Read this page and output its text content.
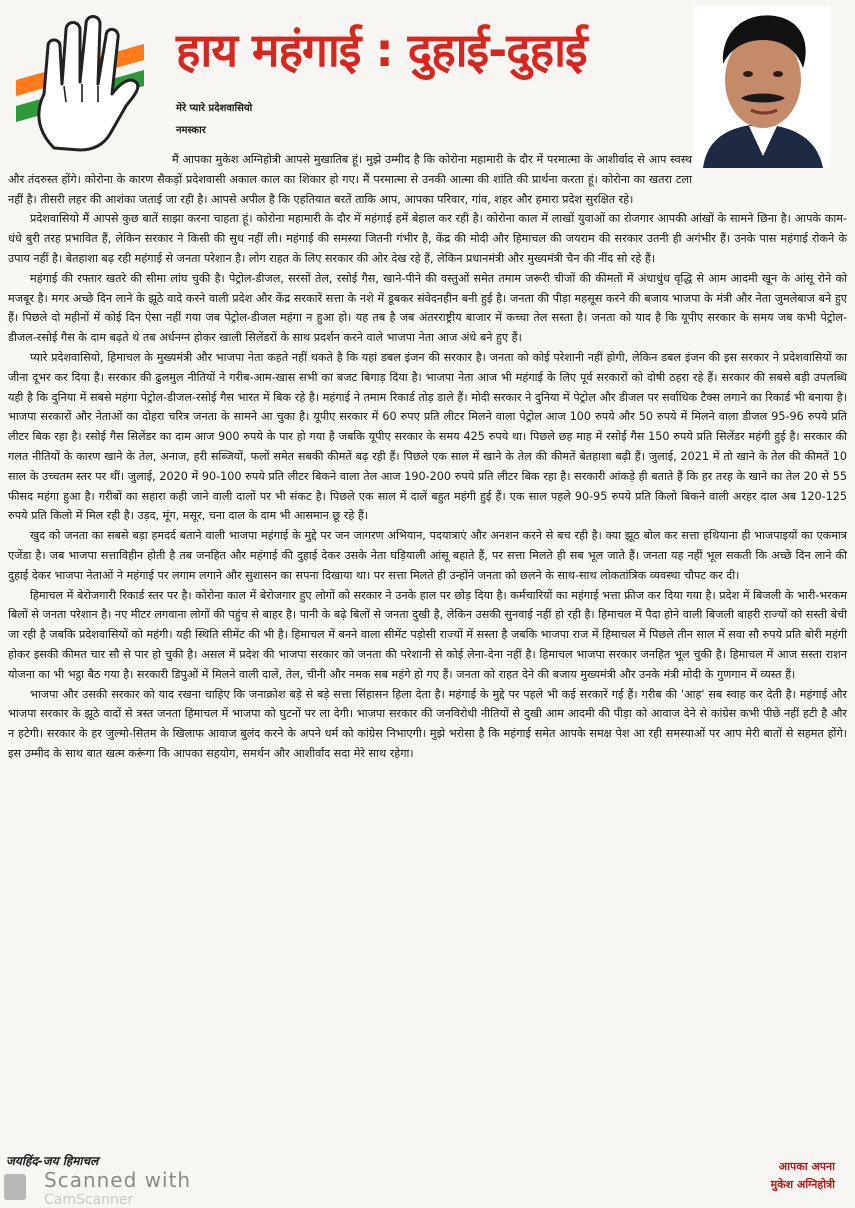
हाय महंगाई : दुहाई-दुहाई
मेरे प्यारे प्रदेशवासियो
नमस्कार

मैं आपका मुकेश अग्निहोत्री आपसे मुखातिब हूं। मुझे उम्मीद है कि कोरोना महामारी के दौर में परमात्मा के आशीर्वाद से आप स्वस्थ और तंदरुस्त होंगे। कोरोना के कारण सैकड़ों प्रदेशवासी अकाल काल का शिकार हो गए। मैं परमात्मा से उनकी आत्मा की शांति की प्रार्थना करता हूं। कोरोना का खतरा टला नहीं है। तीसरी लहर की आशंका जताई जा रही है। आपसे अपील है कि एहतियात बरतें ताकि आप, आपका परिवार, गांव, शहर और हमारा प्रदेश सुरक्षित रहे।

प्रदेशवासियो मैं आपसे कुछ बातें साझा करना चाहता हूं। कोरोना महामारी के दौर में महंगाई हमें बेहाल कर रही है। कोरोना काल में लाखों युवाओं का रोजगार आपकी आंखों के सामने छिना है। आपके काम-धंधे बुरी तरह प्रभावित हैं, लेकिन सरकार ने किसी की सुध नहीं ली। महंगाई की समस्या जितनी गंभीर है, केंद्र की मोदी और हिमाचल की जयराम की सरकार उतनी ही अगंभीर हैं। उनके पास महंगाई रोकने के उपाय नहीं है। बेतहाशा बढ़ रही महंगाई से जनता परेशान है। लोग राहत के लिए सरकार की ओर देख रहे हैं, लेकिन प्रधानमंत्री और मुख्यमंत्री चैन की नींद सो रहे हैं।

महंगाई की रफ्तार खतरे की सीमा लांघ चुकी है। पेट्रोल-डीजल, सरसों तेल, रसोई गैस, खाने-पीने की वस्तुओं समेत तमाम जरूरी चीजों की कीमतों में अंधाधुंध वृद्धि से आम आदमी खून के आंसू रोने को मजबूर है। मगर अच्छे दिन लाने के झूठे वादे करने वाली प्रदेश और केंद्र सरकारें सत्ता के नशे में डूबकर संवेदनहीन बनी हुई है। जनता की पीड़ा महसूस करने की बजाय भाजपा के मंत्री और नेता जुमलेबाज बने हुए हैं। पिछले दो महीनों में कोई दिन ऐसा नहीं गया जब पेट्रोल-डीजल महंगा न हुआ हो। यह तब है जब अंतरराष्ट्रीय बाजार में कच्चा तेल सस्ता है। जनता को याद है कि यूपीए सरकार के समय जब कभी पेट्रोल-डीजल-रसोई गैस के दाम बढ़ते थे तब अर्धनग्न होकर खाली सिलेंडरों के साथ प्रदर्शन करने वाले भाजपा नेता आज अंधे बने हुए हैं।

प्यारे प्रदेशवासियो, हिमाचल के मुख्यमंत्री और भाजपा नेता कहते नहीं थकते है कि यहां डबल इंजन की सरकार है। जनता को कोई परेशानी नहीं होगी, लेकिन डबल इंजन की इस सरकार ने प्रदेशवासियों का जीना दूभर कर दिया है। सरकार की ढुलमुल नीतियों ने गरीब-आम-खास सभी का बजट बिगाड़ दिया है। भाजपा नेता आज भी महंगाई के लिए पूर्व सरकारों को दोषी ठहरा रहे हैं। सरकार की सबसे बड़ी उपलब्धि यही है कि दुनिया में सबसे महंगा पेट्रोल-डीजल-रसोई गैस भारत में बिक रहे है। महंगाई ने तमाम रिकार्ड तोड़ डाले हैं। मोदी सरकार ने दुनिया में पेट्रोल और डीजल पर सर्वाधिक टैक्स लगाने का रिकार्ड भी बनाया है। भाजपा सरकारों और नेताओं का दोहरा चरित्र जनता के सामने आ चुका है। यूपीए सरकार में 60 रुपए प्रति लीटर मिलने वाला पेट्रोल आज 100 रुपये और 50 रुपये में मिलने वाला डीजल 95-96 रुपये प्रति लीटर बिक रहा है। रसोई गैस सिलेंडर का दाम आज 900 रुपये के पार हो गया है जबकि यूपीए सरकार के समय 425 रुपये था। पिछले छह माह में रसोई गैस 150 रुपये प्रति सिलेंडर महंगी हुई है। सरकार की गलत नीतियों के कारण खाने के तेल, अनाज, हरी सब्जियों, फलों समेत सबकी कीमतें बढ़ रही हैं। पिछले एक साल में खाने के तेल की कीमतें बेतहाशा बढ़ी हैं। जुलाई, 2021 में तो खाने के तेल की कीमतें 10 साल के उच्चतम स्तर पर थीं। जुलाई, 2020 में 90-100 रुपये प्रति लीटर बिकने वाला तेल आज 190-200 रुपये प्रति लीटर बिक रहा है। सरकारी आंकड़े ही बताते हैं कि हर तरह के खाने का तेल 20 से 55 फीसद महंगा हुआ है। गरीबों का सहारा कही जाने वाली दालों पर भी संकट है। पिछले एक साल में दालें बहुत महंगी हुई हैं। एक साल पहले 90-95 रुपये प्रति किलो बिकने वाली अरहर दाल अब 120-125 रुपये प्रति किलो में मिल रही है। उड़द, मूंग, मसूर, चना दाल के दाम भी आसमान छू रहे हैं।

खुद को जनता का सबसे बड़ा हमदर्द बताने वाली भाजपा महंगाई के मुद्दे पर जन जागरण अभियान, पदयात्राएं और अनशन करने से बच रही है। क्या झूठ बोल कर सत्ता हथियाना ही भाजपाइयों का एकमात्र एजेंडा है। जब भाजपा सत्ताविहीन होती है तब जनहित और महंगाई की दुहाई देकर उसके नेता घड़ियाली आंसू बहाते हैं, पर सत्ता मिलते ही सब भूल जाते हैं। जनता यह नहीं भूल सकती कि अच्छे दिन लाने की दुहाई देकर भाजपा नेताओं ने महंगाई पर लगाम लगाने और सुशासन का सपना दिखाया था। पर सत्ता मिलते ही उन्होंने जनता को छलने के साथ-साथ लोकतांत्रिक व्यवस्था चौपट कर दी।

हिमाचल में बेरोजगारी रिकार्ड स्तर पर है। कोरोना काल में बेरोजगार हुए लोगों को सरकार ने उनके हाल पर छोड़ दिया है। कर्मचारियों का महंगाई भत्ता फ्रीज कर दिया गया है। प्रदेश में बिजली के भारी-भरकम बिलों से जनता परेशान है। नए मीटर लगवाना लोगों की पहुंच से बाहर है। पानी के बढ़े बिलों से जनता दुखी है, लेकिन उसकी सुनवाई नहीं हो रही है। हिमाचल में पैदा होने वाली बिजली बाहरी राज्यों को सस्ती बेची जा रही है जबकि प्रदेशवासियों को महंगी। यही स्थिति सीमेंट की भी है। हिमाचल में बनने वाला सीमेंट पड़ोसी राज्यों में सस्ता है जबकि भाजपा राज में हिमाचल में पिछले तीन साल में सवा सौ रुपये प्रति बोरी महंगी होकर इसकी कीमत चार सौ से पार हो चुकी है। असल में प्रदेश की भाजपा सरकार को जनता की परेशानी से कोई लेना-देना नहीं है। हिमाचल भाजपा सरकार जनहित भूल चुकी है। हिमाचल में आज सस्ता राशन योजना का भी भट्ठा बैठ गया है। सरकारी डिपुओं में मिलने वाली दालें, तेल, चीनी और नमक सब महंगे हो गए हैं। जनता को राहत देने की बजाय मुख्यमंत्री और उनके मंत्री मोदी के गुणगान में व्यस्त हैं।

भाजपा और उसकी सरकार को याद रखना चाहिए कि जनाक्रोश बड़े से बड़े सत्ता सिंहासन हिला देता है। महंगाई के मुद्दे पर पहले भी कई सरकारें गई हैं। गरीब की 'आह' सब स्वाह कर देती है। महंगाई और भाजपा सरकार के झूठे वादों से त्रस्त जनता हिमाचल में भाजपा को घुटनों पर ला देगी। भाजपा सरकार की जनविरोधी नीतियों से दुखी आम आदमी की पीड़ा को आवाज देने से कांग्रेस कभी पीछे नहीं हटी है और न हटेगी। सरकार के हर जुल्मो-सितम के खिलाफ आवाज बुलंद करने के अपने धर्म को कांग्रेस निभाएगी। मुझे भरोसा है कि महंगाई समेत आपके समक्ष पेश आ रही समस्याओं पर आप मेरी बातों से सहमत होंगे। इस उम्मीद के साथ बात खत्म करूंगा कि आपका सहयोग, समर्थन और आशीर्वाद सदा मेरे साथ रहेगा।

जयहिंद-जय हिमाचल	आपका अपना
मुकेश अग्निहोत्री
Scanned with
CamScanner
